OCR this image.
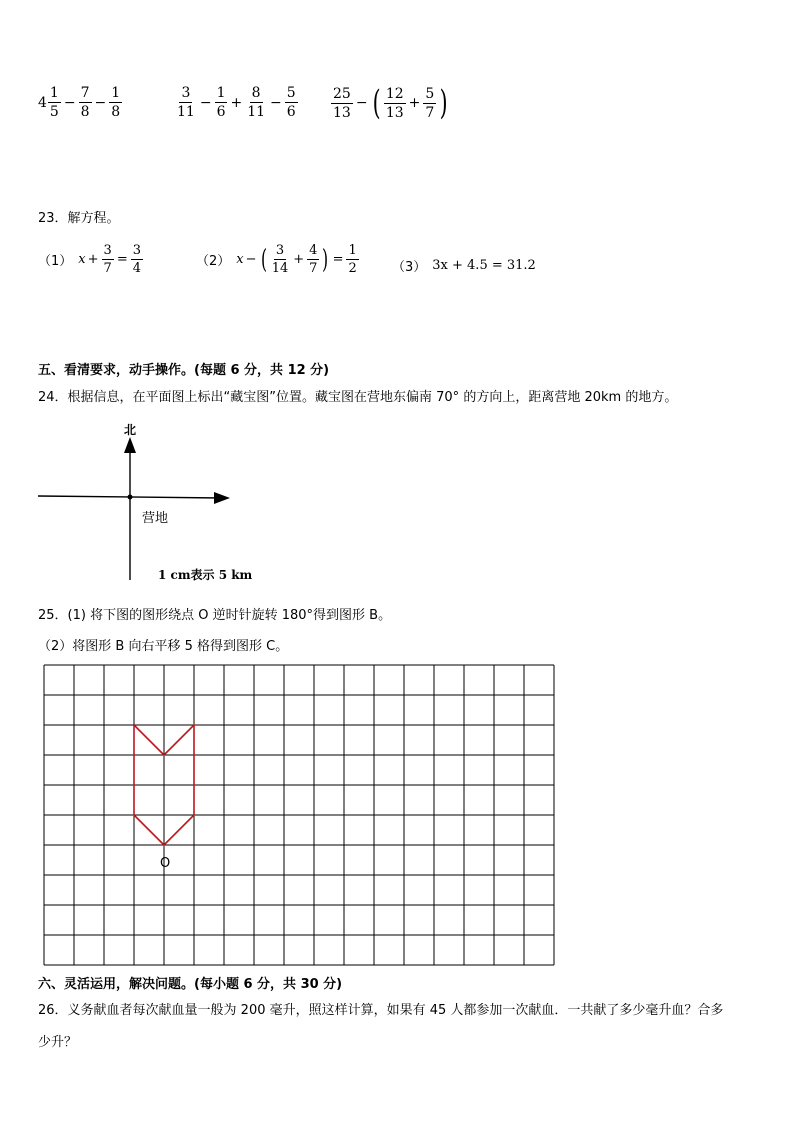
$4 \frac{1}{5} - \frac{7}{8} - \frac{1}{8}$	$\frac{3}{11} - \frac{1}{6} + \frac{8}{11} - \frac{5}{6} \frac{25}{13}$ − ( $\frac{12}{13} + \frac{5}{7}$ )
23．解方程。
（1） $x + \frac{3}{7} = \frac{3}{4}$	（2） x − ( $\frac{3}{14} + \frac{4}{7}$ ) = $\frac{1}{2}$	（3） 3x + 4.5 = 31.2
五、看清要求，动手操作。(每题 6 分，共 12 分)
24．根据信息，在平面图上标出“藏宝图”位置。藏宝图在营地东偏南 70° 的方向上，距离营地 20km 的地方。
北
营地
1 cm表示 5 km
25．(1) 将下图的图形绕点 O 逆时针旋转 180°得到图形 B。
（2）将图形 B 向右平移 5 格得到图形 C。
O
六、灵活运用，解决问题。(每小题 6 分，共 30 分)
26．义务献血者每次献血量一般为 200 毫升，照这样计算，如果有 45 人都参加一次献血．一共献了多少毫升血？合多
少升？
